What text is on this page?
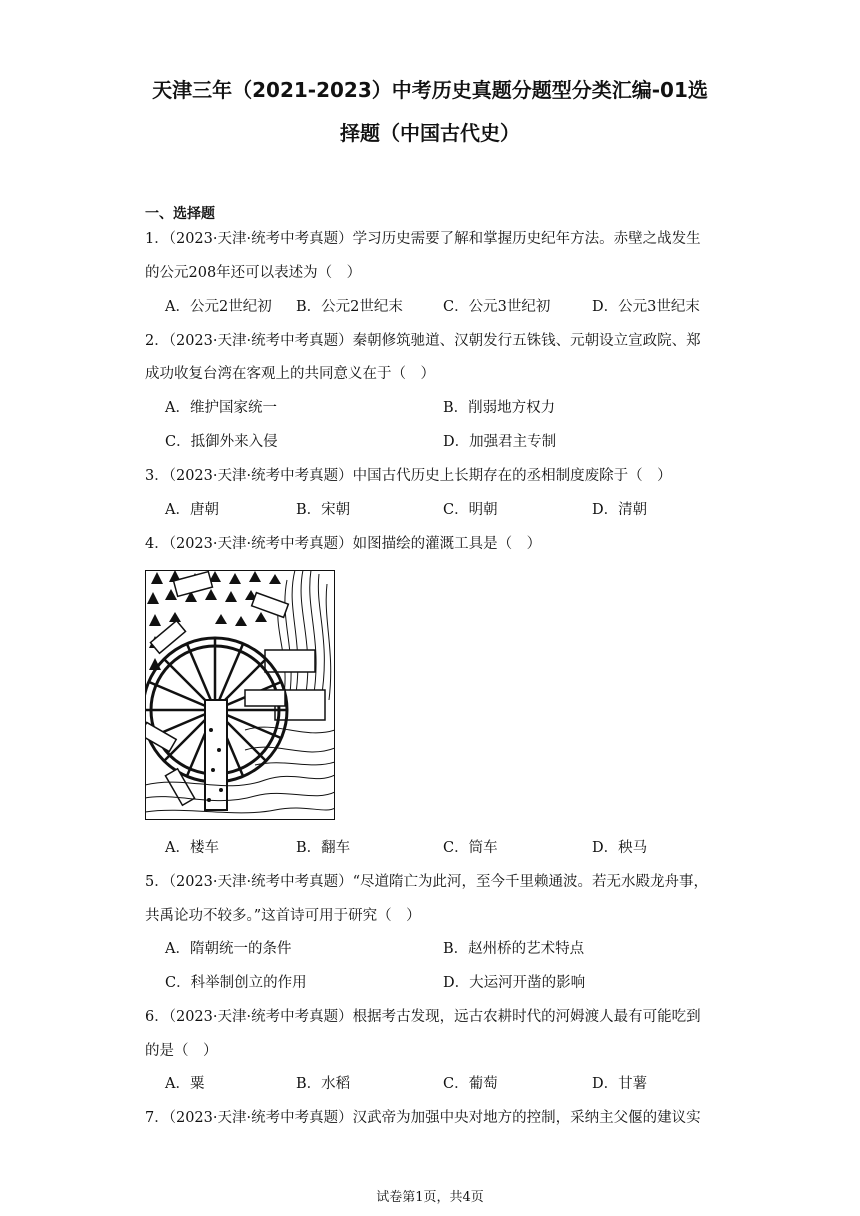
天津三年（2021-2023）中考历史真题分题型分类汇编-01选
择题（中国古代史）
一、选择题
1．（2023·天津·统考中考真题）学习历史需要了解和掌握历史纪年方法。赤壁之战发生
的公元208年还可以表述为（　）
A．公元2世纪初 B．公元2世纪末	C．公元3世纪初	D．公元3世纪末
2．（2023·天津·统考中考真题）秦朝修筑驰道、汉朝发行五铢钱、元朝设立宣政院、郑
成功收复台湾在客观上的共同意义在于（　）
A．维护国家统一	B．削弱地方权力
C．抵御外来入侵	D．加强君主专制
3．（2023·天津·统考中考真题）中国古代历史上长期存在的丞相制度废除于（　）
A．唐朝	B．宋朝	C．明朝	D．清朝
4．（2023·天津·统考中考真题）如图描绘的灌溉工具是（　）
A．楼车	B．翻车	C．筒车	D．秧马
5．（2023·天津·统考中考真题）“尽道隋亡为此河，至今千里赖通波。若无水殿龙舟事，
共禹论功不较多。”这首诗可用于研究（　）
A．隋朝统一的条件	B．赵州桥的艺术特点
C．科举制创立的作用	D．大运河开凿的影响
6．（2023·天津·统考中考真题）根据考古发现，远古农耕时代的河姆渡人最有可能吃到
的是（　）
A．粟	B．水稻	C．葡萄	D．甘薯
7．（2023·天津·统考中考真题）汉武帝为加强中央对地方的控制，采纳主父偃的建议实
试卷第1页，共4页
